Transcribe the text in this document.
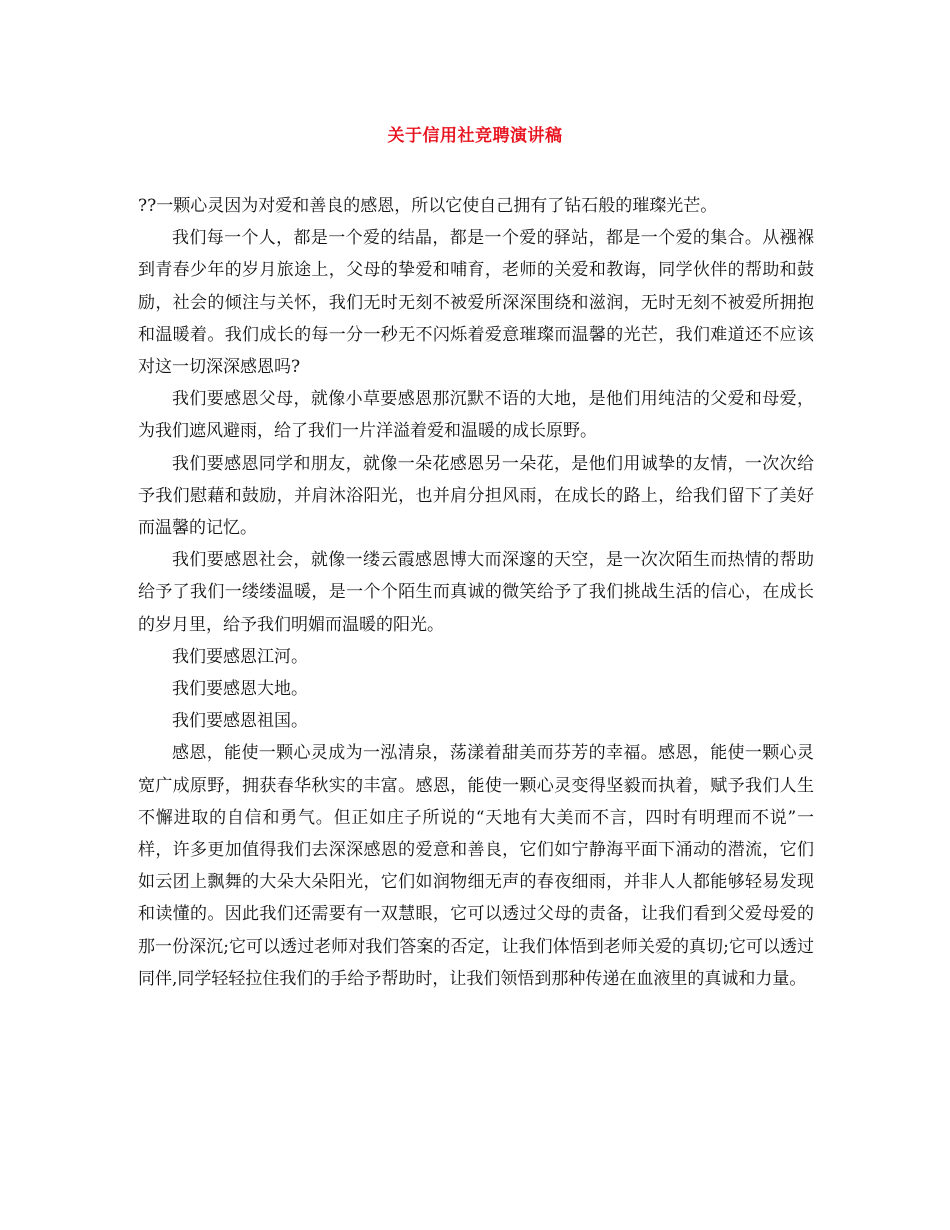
关于信用社竞聘演讲稿

??一颗心灵因为对爱和善良的感恩，所以它使自己拥有了钻石般的璀璨光芒。

我们每一个人，都是一个爱的结晶，都是一个爱的驿站，都是一个爱的集合。从襁褓到青春少年的岁月旅途上，父母的挚爱和哺育，老师的关爱和教诲，同学伙伴的帮助和鼓励，社会的倾注与关怀，我们无时无刻不被爱所深深围绕和滋润，无时无刻不被爱所拥抱和温暖着。我们成长的每一分一秒无不闪烁着爱意璀璨而温馨的光芒，我们难道还不应该对这一切深深感恩吗?

我们要感恩父母，就像小草要感恩那沉默不语的大地，是他们用纯洁的父爱和母爱，为我们遮风避雨，给了我们一片洋溢着爱和温暖的成长原野。

我们要感恩同学和朋友，就像一朵花感恩另一朵花，是他们用诚挚的友情，一次次给予我们慰藉和鼓励，并肩沐浴阳光，也并肩分担风雨，在成长的路上，给我们留下了美好而温馨的记忆。

我们要感恩社会，就像一缕云霞感恩博大而深邃的天空，是一次次陌生而热情的帮助给予了我们一缕缕温暖，是一个个陌生而真诚的微笑给予了我们挑战生活的信心，在成长的岁月里，给予我们明媚而温暖的阳光。

我们要感恩江河。

我们要感恩大地。

我们要感恩祖国。

感恩，能使一颗心灵成为一泓清泉，荡漾着甜美而芬芳的幸福。感恩，能使一颗心灵宽广成原野，拥获春华秋实的丰富。感恩，能使一颗心灵变得坚毅而执着，赋予我们人生不懈进取的自信和勇气。但正如庄子所说的“天地有大美而不言，四时有明理而不说”一样，许多更加值得我们去深深感恩的爱意和善良，它们如宁静海平面下涌动的潜流，它们如云团上飘舞的大朵大朵阳光，它们如润物细无声的春夜细雨，并非人人都能够轻易发现和读懂的。因此我们还需要有一双慧眼，它可以透过父母的责备，让我们看到父爱母爱的那一份深沉;它可以透过老师对我们答案的否定，让我们体悟到老师关爱的真切;它可以透过同伴,同学轻轻拉住我们的手给予帮助时，让我们领悟到那种传递在血液里的真诚和力量。
